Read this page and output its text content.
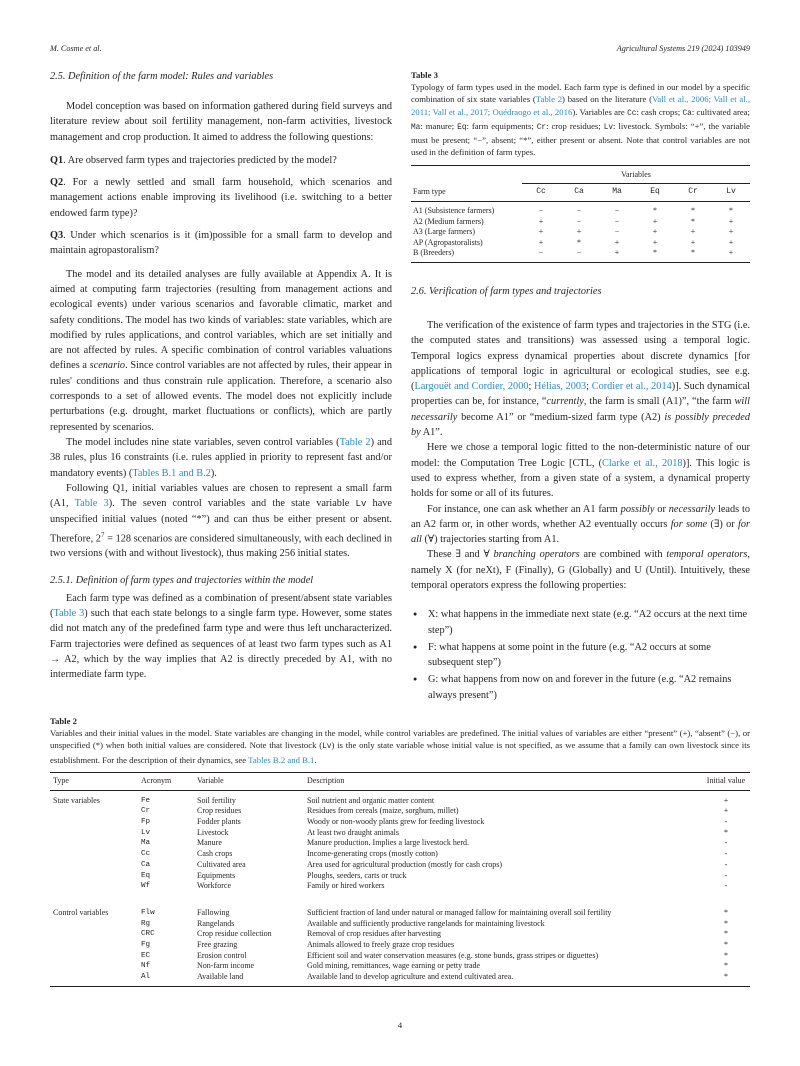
M. Cosme et al.	Agricultural Systems 219 (2024) 103949
2.5. Definition of the farm model: Rules and variables

Model conception was based on information gathered during field surveys and literature review about soil fertility management, non-farm activities, livestock management and crop production. It aimed to address the following questions:

Q1. Are observed farm types and trajectories predicted by the model?

Q2. For a newly settled and small farm household, which scenarios and management actions enable improving its livelihood (i.e. switching to a better endowed farm type)?

Q3. Under which scenarios is it (im)possible for a small farm to develop and maintain agropastoralism?

The model and its detailed analyses are fully available at Appendix A. It is aimed at computing farm trajectories (resulting from management actions and ecological events) under various scenarios and favorable climatic, market and safety conditions. The model has two kinds of variables: state variables, which are modified by rules applications, and control variables, which are set initially and are not affected by rules. A specific combination of control variables valuations defines a scenario. Since control variables are not affected by rules, their appear in rules' conditions and thus constrain rule application. Therefore, a scenario also corresponds to a set of allowed events. The model does not explicitly include perturbations (e.g. drought, market fluctuations or conflicts), which are partly represented by scenarios.

The model includes nine state variables, seven control variables (Table 2) and 38 rules, plus 16 constraints (i.e. rules applied in priority to represent fast and/or mandatory events) (Tables B.1 and B.2).

Following Q1, initial variables values are chosen to represent a small farm (A1, Table 3). The seven control variables and the state variable Lv have unspecified initial values (noted “*”) and can thus be either present or absent. Therefore, $2^7 = 128$ scenarios are considered simultaneously, with each declined in two versions (with and without livestock), thus making 256 initial states.

2.5.1. Definition of farm types and trajectories within the model

Each farm type was defined as a combination of present/absent state variables (Table 3) such that each state belongs to a single farm type. However, some states did not match any of the predefined farm type and were thus left uncharacterized. Farm trajectories were defined as sequences of at least two farm types such as A1 → A2, which by the way implies that A2 is directly preceded by A1, with no intermediate farm type.

Table 3

Typology of farm types used in the model. Each farm type is defined in our model by a specific combination of six state variables (Table 2) based on the literature (Vall et al., 2006; Vall et al., 2011; Vall et al., 2017; Ouédraogo et al., 2016). Variables are Cc: cash crops; Ca: cultivated area; Ma: manure; Eq: farm equipments; Cr: crop residues; Lv: livestock. Symbols: “+”, the variable must be present; “−”, absent; “*”, either present or absent. Note that control variables are not used in the definition of farm types.

	Variables					
Farm type	Cc	Ca	Ma	Eq	Cr	Lv
A1 (Subsistence farmers)	−	−	−	*	*	*
A2 (Medium farmers)	+	−	−	+	*	+
A3 (Large farmers)	+	+	−	+	+	+
AP (Agropastoralists)	+	*	+	+	+	+
B (Breeders)	−	−	+	*	*	+
2.6. Verification of farm types and trajectories

The verification of the existence of farm types and trajectories in the STG (i.e. the computed states and transitions) was assessed using a temporal logic. Temporal logics express dynamical properties about discrete dynamics [for applications of temporal logic in agricultural or ecological studies, see e.g. (Largouët and Cordier, 2000; Hélias, 2003; Cordier et al., 2014)]. Such dynamical properties can be, for instance, “currently, the farm is small (A1)”, “the farm will necessarily become A1” or “medium-sized farm type (A2) is possibly preceded by A1”.

Here we chose a temporal logic fitted to the non-deterministic nature of our model: the Computation Tree Logic [CTL, (Clarke et al., 2018)]. This logic is used to express whether, from a given state of a system, a dynamical property holds for some or all of its futures.

For instance, one can ask whether an A1 farm possibly or necessarily leads to an A2 farm or, in other words, whether A2 eventually occurs for some (∃) or for all (∀) trajectories starting from A1.

These ∃ and ∀ branching operators are combined with temporal operators, namely X (for neXt), F (Finally), G (Globally) and U (Until). Intuitively, these temporal operators express the following properties:

● X: what happens in the immediate next state (e.g. “A2 occurs at the next time step”)
● F: what happens at some point in the future (e.g. “A2 occurs at some subsequent step”)
● G: what happens from now on and forever in the future (e.g. “A2 remains always present”)
Table 2

Variables and their initial values in the model. State variables are changing in the model, while control variables are predefined. The initial values of variables are either “present” (+), “absent” (−), or unspecified (*) when both initial values are considered. Note that livestock (Lv) is the only state variable whose initial value is not specified, as we assume that a family can own livestock since its establishment. For the description of their dynamics, see Tables B.2 and B.1.

Type	Acronym	Variable	Description	Initial value
State variables	Fe	Soil fertility	Soil nutrient and organic matter content	+
	Cr	Crop residues	Residues from cereals (maize, sorghum, millet)	+
	Fp	Fodder plants	Woody or non-woody plants grew for feeding livestock	-
	Lv	Livestock	At least two draught animals	*
	Ma	Manure	Manure production. Implies a large livestock herd.	-
	Cc	Cash crops	Income-generating crops (mostly cotton)	-
	Ca	Cultivated area	Area used for agricultural production (mostly for cash crops)	-
	Eq	Equipments	Ploughs, seeders, carts or truck	-
	Wf	Workforce	Family or hired workers	-
Control variables	Flw	Fallowing	Sufficient fraction of land under natural or managed fallow for maintaining overall soil fertility	*
	Rg	Rangelands	Available and sufficiently productive rangelands for maintaining livestock	*
	CRC	Crop residue collection	Removal of crop residues after harvesting	*
	Fg	Free grazing	Animals allowed to freely graze crop residues	*
	EC	Erosion control	Efficient soil and water conservation measures (e.g. stone bunds, grass stripes or diguettes)	*
	Nf	Non-farm income	Gold mining, remittances, wage earning or petty trade	*
	Al	Available land	Available land to develop agriculture and extend cultivated area.	*
4
